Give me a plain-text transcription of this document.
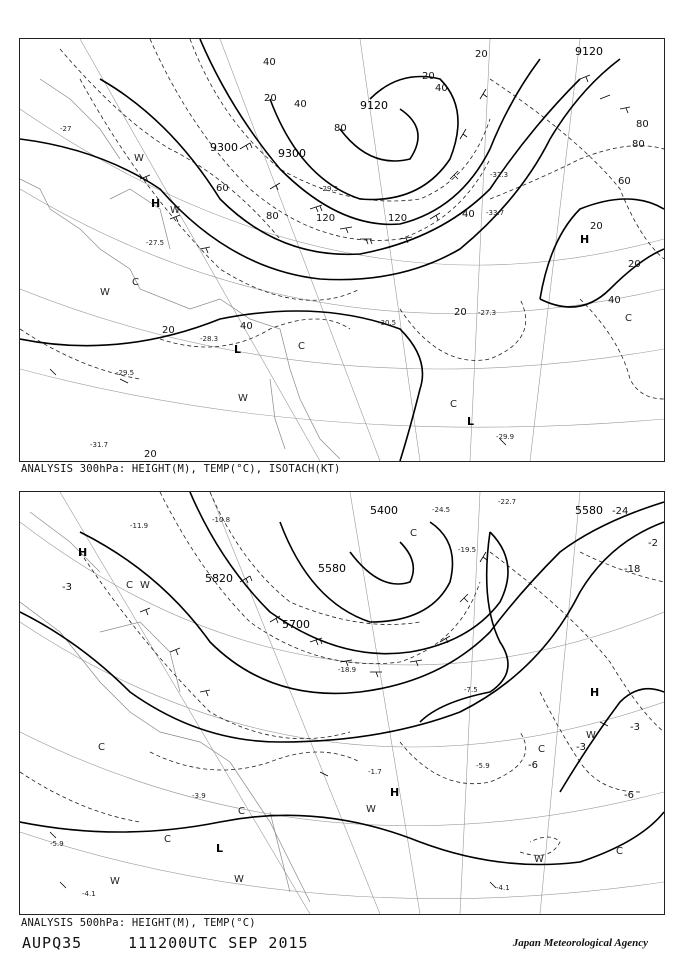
9120
9120
9300	9300
H
H
L
L
W
W
W
W
C
C
C
C
40
20
40
60
80
80
120	120	40
20
40
20
60
80
80
20
20
40
20
20	40
20
-27
-29.5
-31.7
-27.5
-28.3
-30.5
-27.3
-32.3
-29.9
-29.3
-33.7
ANALYSIS 300hPa: HEIGHT(M), TEMP(°C), ISOTACH(KT)
5820
5700
5580
5580
5400
H
H
H
L
W
W
W
W	W
W
C
C
C
C
C
C
C
-24
-18
-2
-3
-3
-3
-6
-6
-11.9
-10.8
-22.7
-24.5
-19.5
-18.9
-7.5
-5.9
-4.1
-1.7
-3.9
-5.9
-4.1
ANALYSIS 500hPa: HEIGHT(M), TEMP(°C)
AUPQ35	111200UTC SEP 2015	Japan Meteorological Agency
